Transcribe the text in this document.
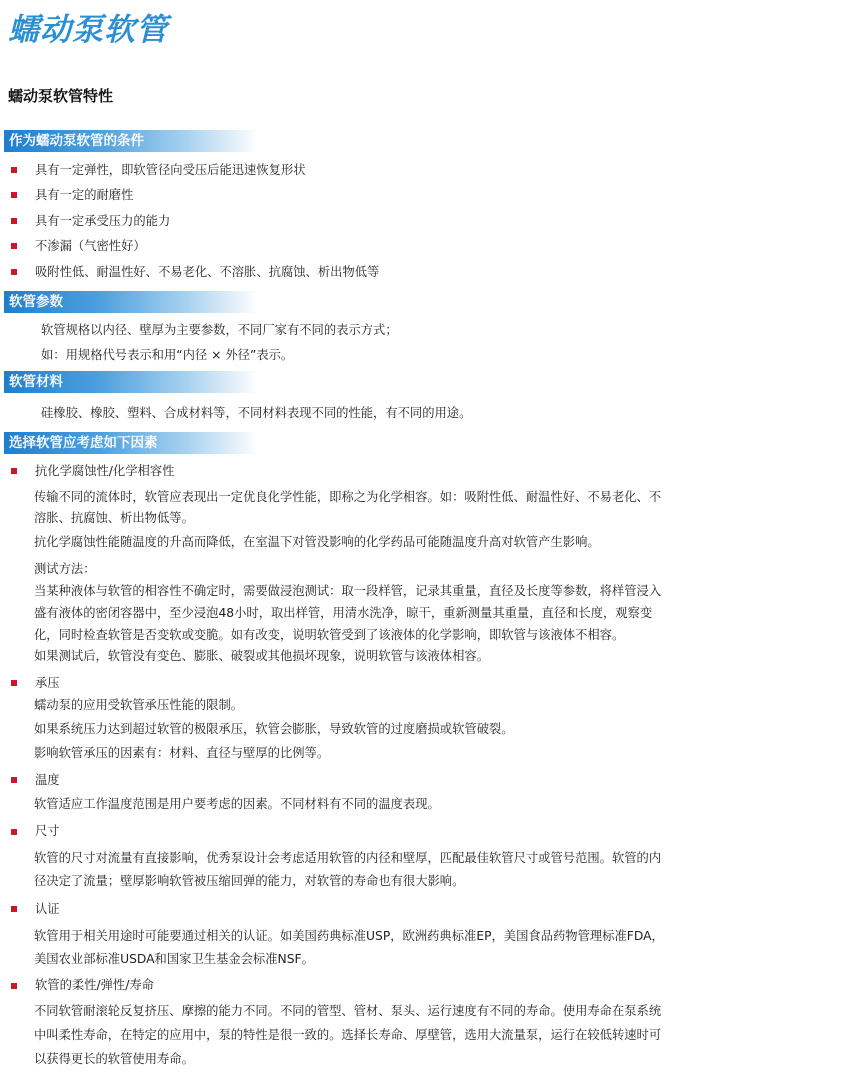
蠕动泵软管
蠕动泵软管特性
作为蠕动泵软管的条件
具有一定弹性，即软管径向受压后能迅速恢复形状
具有一定的耐磨性
具有一定承受压力的能力
不渗漏（气密性好）
吸附性低、耐温性好、不易老化、不溶胀、抗腐蚀、析出物低等
软管参数
软管规格以内径、壁厚为主要参数，不同厂家有不同的表示方式；
如：用规格代号表示和用“内径 × 外径”表示。
软管材料
硅橡胶、橡胶、塑料、合成材料等，不同材料表现不同的性能，有不同的用途。
选择软管应考虑如下因素
抗化学腐蚀性/化学相容性
传输不同的流体时，软管应表现出一定优良化学性能，即称之为化学相容。如：吸附性低、耐温性好、不易老化、不
溶胀、抗腐蚀、析出物低等。
抗化学腐蚀性能随温度的升高而降低，在室温下对管没影响的化学药品可能随温度升高对软管产生影响。
测试方法：
当某种液体与软管的相容性不确定时，需要做浸泡测试：取一段样管，记录其重量，直径及长度等参数，将样管浸入
盛有液体的密闭容器中，至少浸泡48小时，取出样管，用清水洗净，晾干，重新测量其重量，直径和长度，观察变
化，同时检查软管是否变软或变脆。如有改变，说明软管受到了该液体的化学影响，即软管与该液体不相容。
如果测试后，软管没有变色、膨胀、破裂或其他损坏现象，说明软管与该液体相容。
承压
蠕动泵的应用受软管承压性能的限制。
如果系统压力达到超过软管的极限承压，软管会膨胀，导致软管的过度磨损或软管破裂。
影响软管承压的因素有：材料、直径与壁厚的比例等。
温度
软管适应工作温度范围是用户要考虑的因素。不同材料有不同的温度表现。
尺寸
软管的尺寸对流量有直接影响，优秀泵设计会考虑适用软管的内径和壁厚，匹配最佳软管尺寸或管号范围。软管的内
径决定了流量；壁厚影响软管被压缩回弹的能力，对软管的寿命也有很大影响。
认证
软管用于相关用途时可能要通过相关的认证。如美国药典标准USP，欧洲药典标准EP，美国食品药物管理标准FDA，
美国农业部标准USDA和国家卫生基金会标准NSF。
软管的柔性/弹性/寿命
不同软管耐滚轮反复挤压、摩擦的能力不同。不同的管型、管材、泵头、运行速度有不同的寿命。使用寿命在泵系统
中叫柔性寿命，在特定的应用中，泵的特性是很一致的。选择长寿命、厚壁管，选用大流量泵，运行在较低转速时可
以获得更长的软管使用寿命。
